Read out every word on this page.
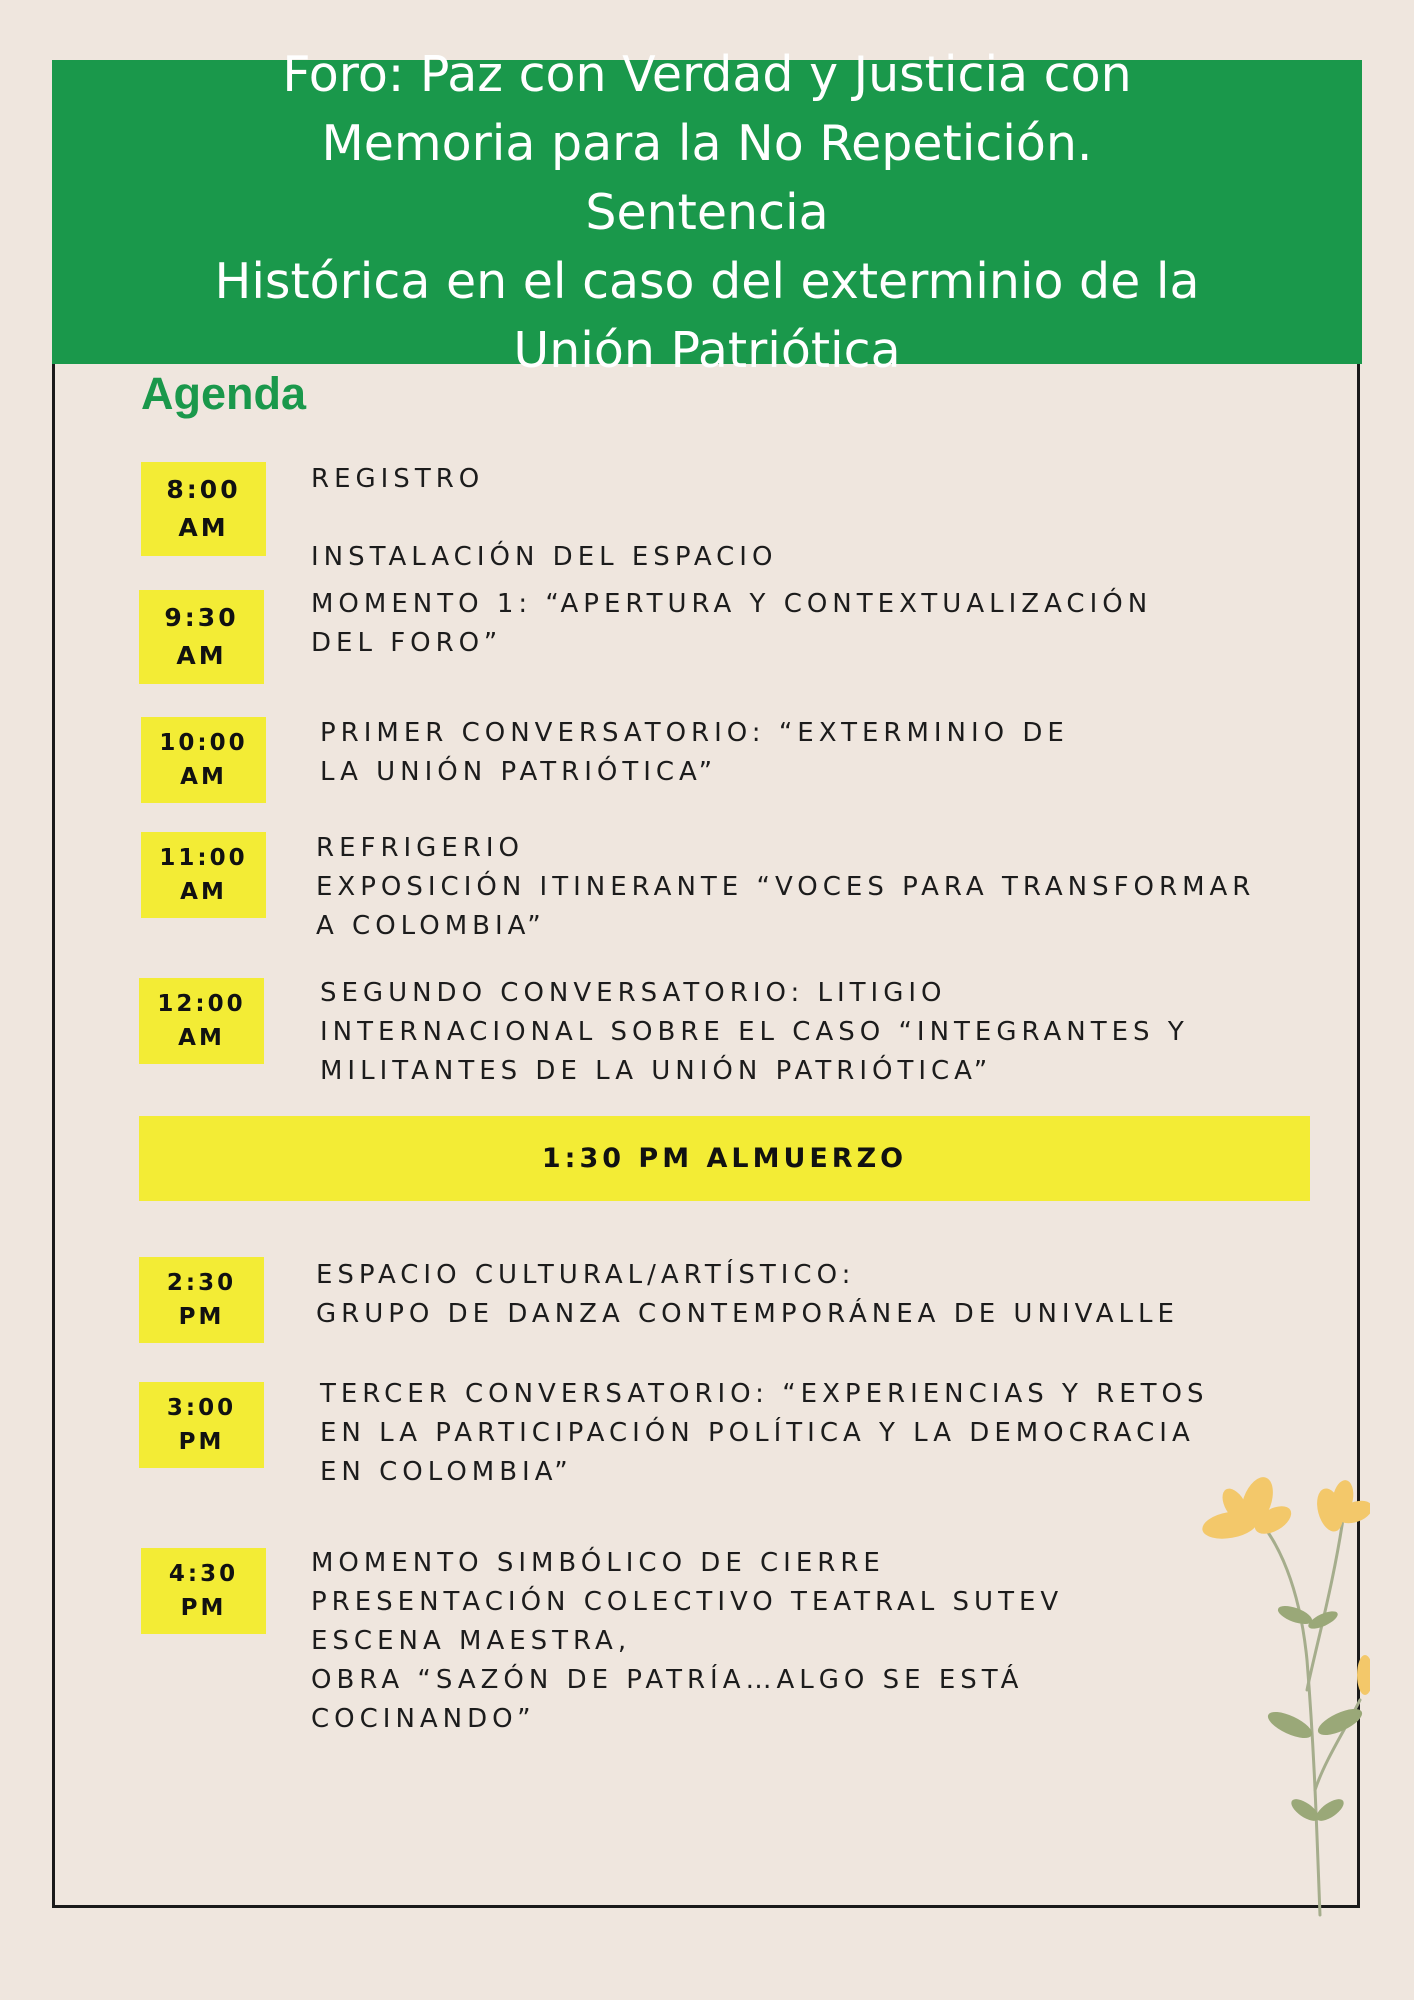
Foro: Paz con Verdad y Justicia con
Memoria para la No Repetición. Sentencia
Histórica en el caso del exterminio de la
Unión Patriótica
Agenda
8:00
AM

REGISTRO

INSTALACIÓN DEL ESPACIO

9:30
AM

MOMENTO 1: “APERTURA Y CONTEXTUALIZACIÓN
DEL FORO”

10:00
AM

PRIMER CONVERSATORIO: “EXTERMINIO DE
LA UNIÓN PATRIÓTICA”

11:00
AM

REFRIGERIO
EXPOSICIÓN ITINERANTE “VOCES PARA TRANSFORMAR
A COLOMBIA”

12:00
AM

SEGUNDO CONVERSATORIO: LITIGIO
INTERNACIONAL SOBRE EL CASO “INTEGRANTES Y
MILITANTES DE LA UNIÓN PATRIÓTICA”

1:30 PM ALMUERZO
2:30
PM

ESPACIO CULTURAL/ARTÍSTICO:
GRUPO DE DANZA CONTEMPORÁNEA DE UNIVALLE

3:00
PM

TERCER CONVERSATORIO: “EXPERIENCIAS Y RETOS
EN LA PARTICIPACIÓN POLÍTICA Y LA DEMOCRACIA
EN COLOMBIA”

4:30
PM

MOMENTO SIMBÓLICO DE CIERRE
PRESENTACIÓN COLECTIVO TEATRAL SUTEV
ESCENA MAESTRA,
OBRA “SAZÓN DE PATRÍA…ALGO SE ESTÁ
COCINANDO”
